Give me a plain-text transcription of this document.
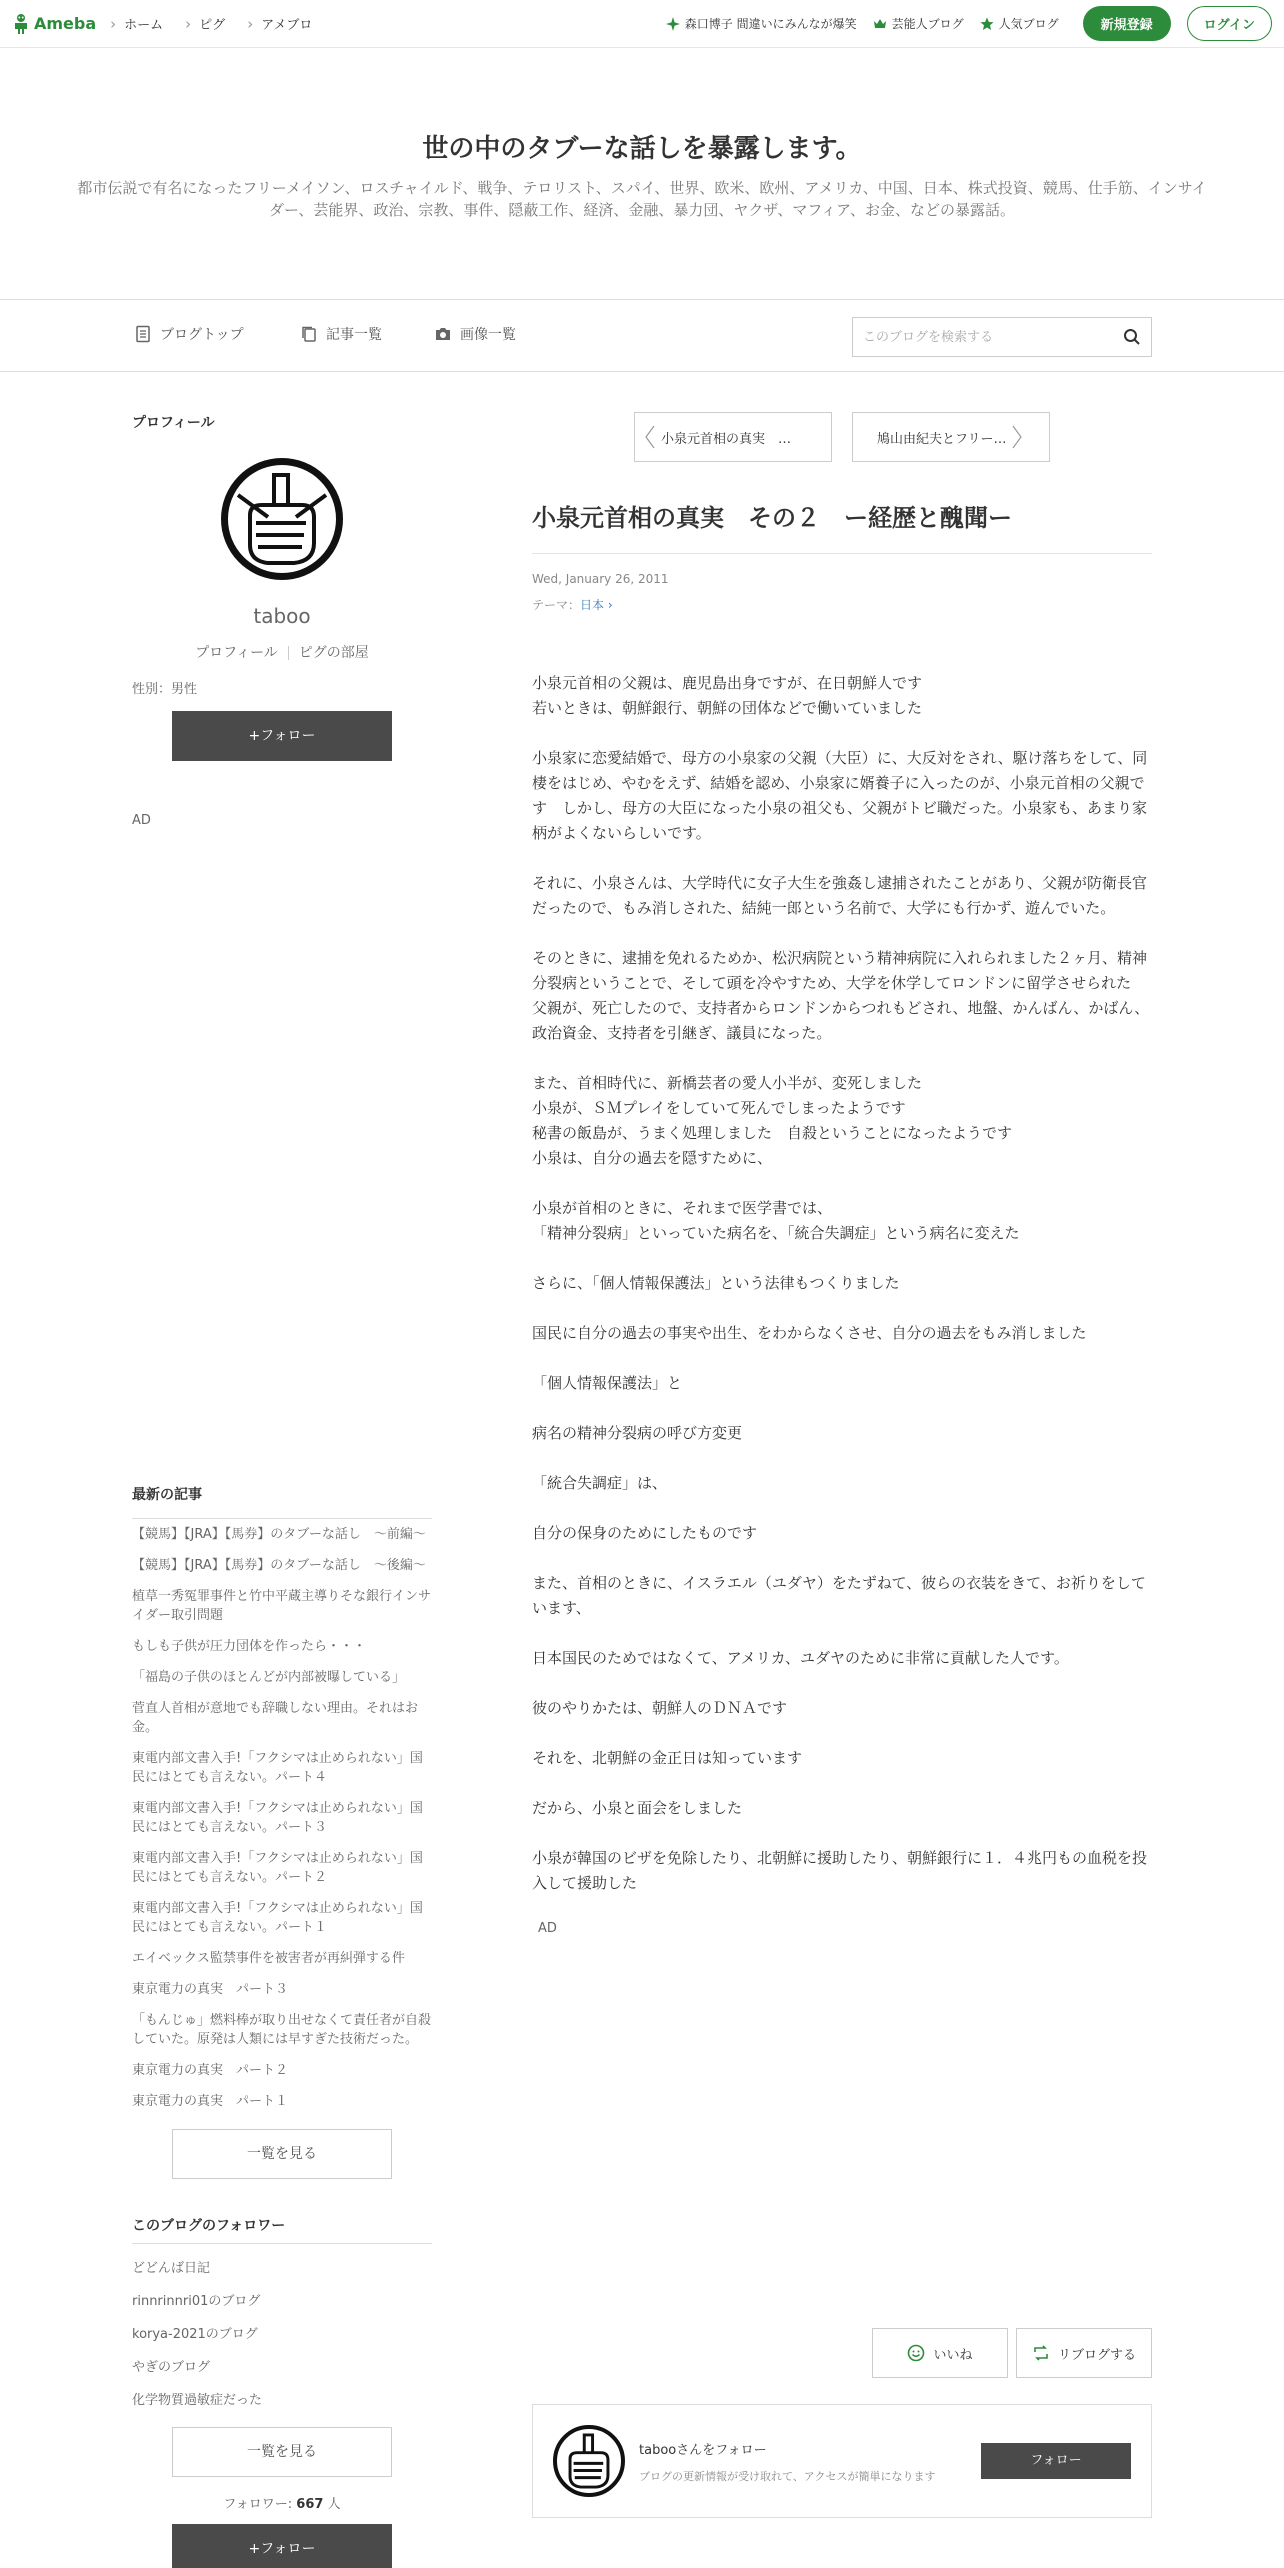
Ameba	› ホーム	› ピグ	› アメブロ	森口博子 間違いにみんなが爆笑	芸能人ブログ	人気ブログ	新規登録	ログイン
世の中のタブーな話しを暴露します。
都市伝説で有名になったフリーメイソン、ロスチャイルド、戦争、テロリスト、スパイ、世界、欧米、欧州、アメリカ、中国、日本、株式投資、競馬、仕手筋、インサイダー、芸能界、政治、宗教、事件、隠蔽工作、経済、金融、暴力団、ヤクザ、マフィア、お金、などの暴露話。
ブログトップ	記事一覧	画像一覧
このブログを検索する
プロフィール
taboo
プロフィール ピグの部屋
性別：男性
+フォロー
AD
最新の記事
【競馬】【JRA】【馬券】のタブーな話し　〜前編〜
【競馬】【JRA】【馬券】のタブーな話し　〜後編〜
植草一秀冤罪事件と竹中平蔵主導りそな銀行インサイダー取引問題
もしも子供が圧力団体を作ったら・・・
「福島の子供のほとんどが内部被曝している」
菅直人首相が意地でも辞職しない理由。それはお金。
東電内部文書入手!「フクシマは止められない」国民にはとても言えない。パート４
東電内部文書入手!「フクシマは止められない」国民にはとても言えない。パート３
東電内部文書入手!「フクシマは止められない」国民にはとても言えない。パート２
東電内部文書入手!「フクシマは止められない」国民にはとても言えない。パート１
エイベックス監禁事件を被害者が再糾弾する件
東京電力の真実　パート３
「もんじゅ」燃料棒が取り出せなくて責任者が自殺していた。原発は人類には早すぎた技術だった。
東京電力の真実　パート２
東京電力の真実　パート１
一覧を見る
このブログのフォロワー
どどんば日記
rinnrinnri01のブログ
korya-2021のブログ
やぎのブログ
化学物質過敏症だった
一覧を見る
フォロワー: 667 人
+フォロー
小泉元首相の真実　…	鳩山由紀夫とフリー…
小泉元首相の真実　その２　ー経歴と醜聞ー
Wed, January 26, 2011
テーマ：日本 ›

小泉元首相の父親は、鹿児島出身ですが、在日朝鮮人です
若いときは、朝鮮銀行、朝鮮の団体などで働いていました

小泉家に恋愛結婚で、母方の小泉家の父親（大臣）に、大反対をされ、駆け落ちをして、同棲をはじめ、やむをえず、結婚を認め、小泉家に婿養子に入ったのが、小泉元首相の父親です　しかし、母方の大臣になった小泉の祖父も、父親がトビ職だった。小泉家も、あまり家柄がよくないらしいです。

それに、小泉さんは、大学時代に女子大生を強姦し逮捕されたことがあり、父親が防衛長官だったので、もみ消しされた、結純一郎という名前で、大学にも行かず、遊んでいた。

そのときに、逮捕を免れるためか、松沢病院という精神病院に入れられました２ヶ月、精神分裂病ということで、そして頭を冷やすため、大学を休学してロンドンに留学させられた
父親が、死亡したので、支持者からロンドンからつれもどされ、地盤、かんばん、かばん、政治資金、支持者を引継ぎ、議員になった。

また、首相時代に、新橋芸者の愛人小半が、変死しました
小泉が、ＳＭプレイをしていて死んでしまったようです
秘書の飯島が、うまく処理しました　自殺ということになったようです
小泉は、自分の過去を隠すために、

小泉が首相のときに、それまで医学書では、
「精神分裂病」といっていた病名を、「統合失調症」という病名に変えた

さらに、「個人情報保護法」という法律もつくりました

国民に自分の過去の事実や出生、をわからなくさせ、自分の過去をもみ消しました

「個人情報保護法」と

病名の精神分裂病の呼び方変更

「統合失調症」は、

自分の保身のためにしたものです

また、首相のときに、イスラエル（ユダヤ）をたずねて、彼らの衣装をきて、お祈りをしています、

日本国民のためではなくて、アメリカ、ユダヤのために非常に貢献した人です。

彼のやりかたは、朝鮮人のＤＮＡです

それを、北朝鮮の金正日は知っています

だから、小泉と面会をしました

小泉が韓国のビザを免除したり、北朝鮮に援助したり、朝鮮銀行に１．４兆円もの血税を投入して援助した

AD
いいね	リブログする
tabooさんをフォロー
ブログの更新情報が受け取れて、アクセスが簡単になります
フォロー
